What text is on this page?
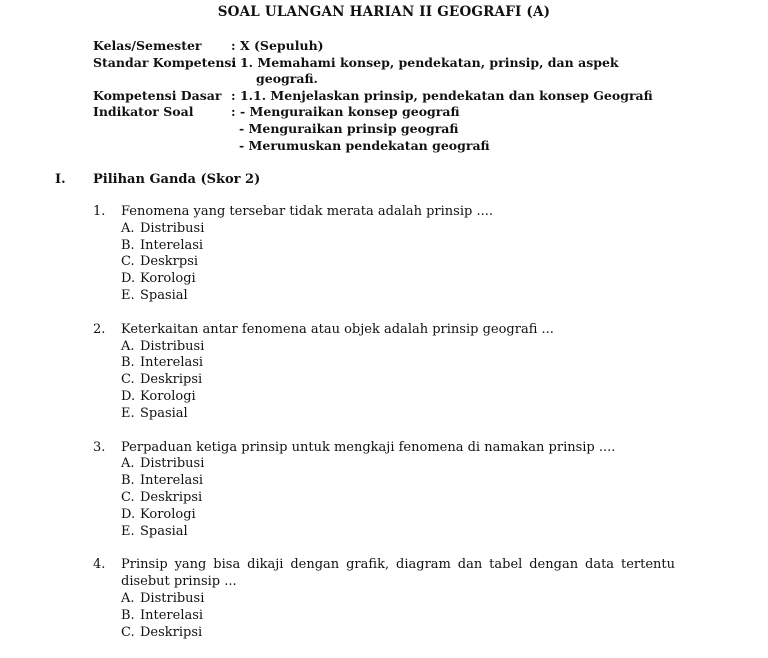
SOAL ULANGAN HARIAN II GEOGRAFI (A)
Kelas/Semester	: X (Sepuluh)
Standar Kompetensi
: 1. Memahami konsep, pendekatan, prinsip, dan aspek
geografi.
Kompetensi Dasar : 1.1. Menjelaskan prinsip, pendekatan dan konsep Geografi
Indikator Soal	: - Menguraikan konsep geografi
- Menguraikan prinsip geografi
- Merumuskan pendekatan geografi
I. Pilihan Ganda (Skor 2)
1.	Fenomena yang tersebar tidak merata adalah prinsip ....
A. Distribusi
B. Interelasi
C. Deskrpsi
D. Korologi
E. Spasial
2.	Keterkaitan antar fenomena atau objek adalah prinsip geografi ...
A. Distribusi
B. Interelasi
C. Deskripsi
D. Korologi
E. Spasial
3.	Perpaduan ketiga prinsip untuk mengkaji fenomena di namakan prinsip ....
A. Distribusi
B. Interelasi
C. Deskripsi
D. Korologi
E. Spasial
4.	Prinsip yang bisa dikaji dengan grafik, diagram dan tabel dengan data tertentu disebut prinsip ...
A. Distribusi
B. Interelasi
C. Deskripsi
